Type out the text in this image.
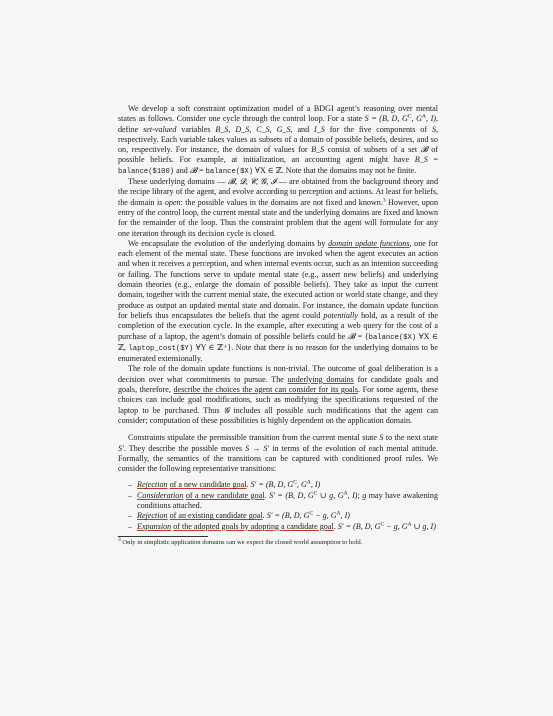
We develop a soft constraint optimization model of a BDGI agent’s reasoning over mental states as follows. Consider one cycle through the control loop. For a state S = (B, D, $G^C$, $G^A$, I), define set-valued variables B_S, D_S, C_S, G_S, and I_S for the five components of S, respectively. Each variable takes values as subsets of a domain of possible beliefs, desires, and so on, respectively. For instance, the domain of values for B_S consist of subsets of a set 𝓑 of possible beliefs. For example, at initialization, an accounting agent might have B_S = balance($100) and 𝓑 = balance($X) ∀X ∈ ℤ. Note that the domains may not be finite.

These underlying domains — 𝓑, 𝓓, 𝓒, 𝓖, 𝓘 — are obtained from the background theory and the recipe library of the agent, and evolve according to perception and actions. At least for beliefs, the domain is open: the possible values in the domains are not fixed and known.$^3$ However, upon entry of the control loop, the current mental state and the underlying domains are fixed and known for the remainder of the loop. Thus the constraint problem that the agent will formulate for any one iteration through its decision cycle is closed.

We encapsulate the evolution of the underlying domains by domain update functions, one for each element of the mental state. These functions are invoked when the agent executes an action and when it receives a perception, and when internal events occur, such as an intention succeeding or failing. The functions serve to update mental state (e.g., assert new beliefs) and underlying domain theories (e.g., enlarge the domain of possible beliefs). They take as input the current domain, together with the current mental state, the executed action or world state change, and they produce as output an updated mental state and domain. For instance, the domain update function for beliefs thus encapsulates the beliefs that the agent could potentially hold, as a result of the completion of the execution cycle. In the example, after executing a web query for the cost of a purchase of a laptop, the agent’s domain of possible beliefs could be 𝓑 = {balance($X) ∀X ∈ ℤ, laptop_cost($Y) ∀Y ∈ ℤ⁺}. Note that there is no reason for the underlying domains to be enumerated extensionally.

The role of the domain update functions is non-trivial. The outcome of goal deliberation is a decision over what commitments to pursue. The underlying domains for candidate goals and goals, therefore, describe the choices the agent can consider for its goals. For some agents, these choices can include goal modifications, such as modifying the specifications requested of the laptop to be purchased. Thus 𝓖 includes all possible such modifications that the agent can consider; computation of these possibilities is highly dependent on the application domain.

Constraints stipulate the permissible transition from the current mental state S to the next state S′. They describe the possible moves S → S′ in terms of the evolution of each mental attitude. Formally, the semantics of the transitions can be captured with conditioned proof rules. We consider the following representative transitions:

– Rejection of a new candidate goal. S′ = (B, D, $G^C$, $G^A$, I)
– Consideration of a new candidate goal. S′ = (B, D, $G^C$ ∪ g, $G^A$, I); g may have awakening conditions attached.
– Rejection of an existing candidate goal. S′ = (B, D, $G^C - g$, $G^A$, I)
– Expansion of the adopted goals by adopting a candidate goal. S′ = (B, D, $G^C - g$, $G^A$ ∪ g, I)

$^3$ Only in simplistic application domains can we expect the closed world assumption to hold.
